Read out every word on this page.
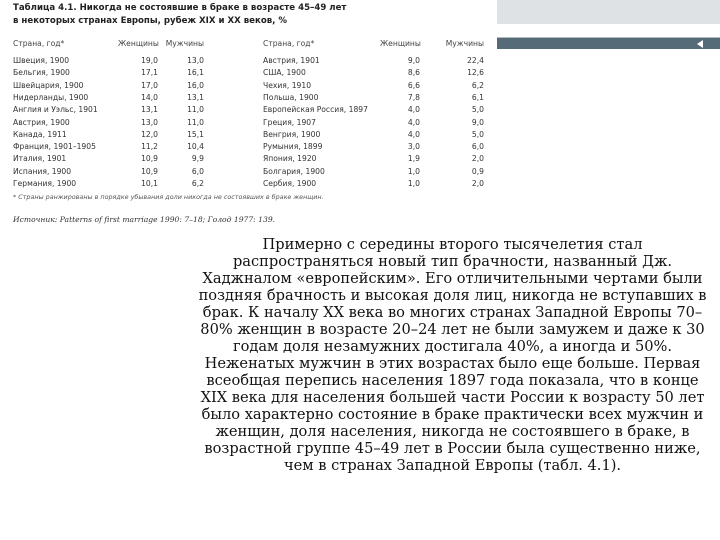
Таблица 4.1. Никогда не состоявшие в браке в возрасте 45–49 лет
в некоторых странах Европы, рубеж XIX и XX веков, %
Страна, год*	Женщины Мужчины	Страна, год*	Женщины	Мужчины
Швеция, 1900	19,0	13,0	Австрия, 1901	9,0	22,4
Бельгия, 1900	17,1	16,1	США, 1900	8,6	12,6
Швейцария, 1900	17,0	16,0	Чехия, 1910	6,6	6,2
Нидерланды, 1900	14,0	13,1	Польша, 1900	7,8	6,1
Англия и Уэльс, 1901	13,1	11,0	Европейская Россия, 1897	4,0	5,0
Австрия, 1900	13,0	11,0	Греция, 1907	4,0	9,0
Канада, 1911	12,0	15,1	Венгрия, 1900	4,0	5,0
Франция, 1901–1905	11,2	10,4	Румыния, 1899	3,0	6,0
Италия, 1901	10,9	9,9	Япония, 1920	1,9	2,0
Испания, 1900	10,9	6,0	Болгария, 1900	1,0	0,9
Германия, 1900	10,1	6,2	Сербия, 1900	1,0	2,0
* Страны ранжированы в порядке убывания доли никогда не состоявших в браке женщин.
Источник: Patterns of first marriage 1990: 7–18; Голод 1977: 139.

Примерно с середины второго тысячелетия стал распространяться новый тип брачности, названный Дж. Хаджналом «европейским». Его отличительными чертами были поздняя брачность и высокая доля лиц, никогда не вступавших в брак. К началу XX века во многих странах Западной Европы 70–80% женщин в возрасте 20–24 лет не были замужем и даже к 30 годам доля незамужних достигала 40%, а иногда и 50%. Неженатых мужчин в этих возрастах было еще больше. Первая всеобщая перепись населения 1897 года показала, что в конце XIX века для населения большей части России к возрасту 50 лет было характерно состояние в браке практически всех мужчин и женщин, доля населения, никогда не состоявшего в браке, в возрастной группе 45–49 лет в России была существенно ниже, чем в странах Западной Европы (табл. 4.1).
